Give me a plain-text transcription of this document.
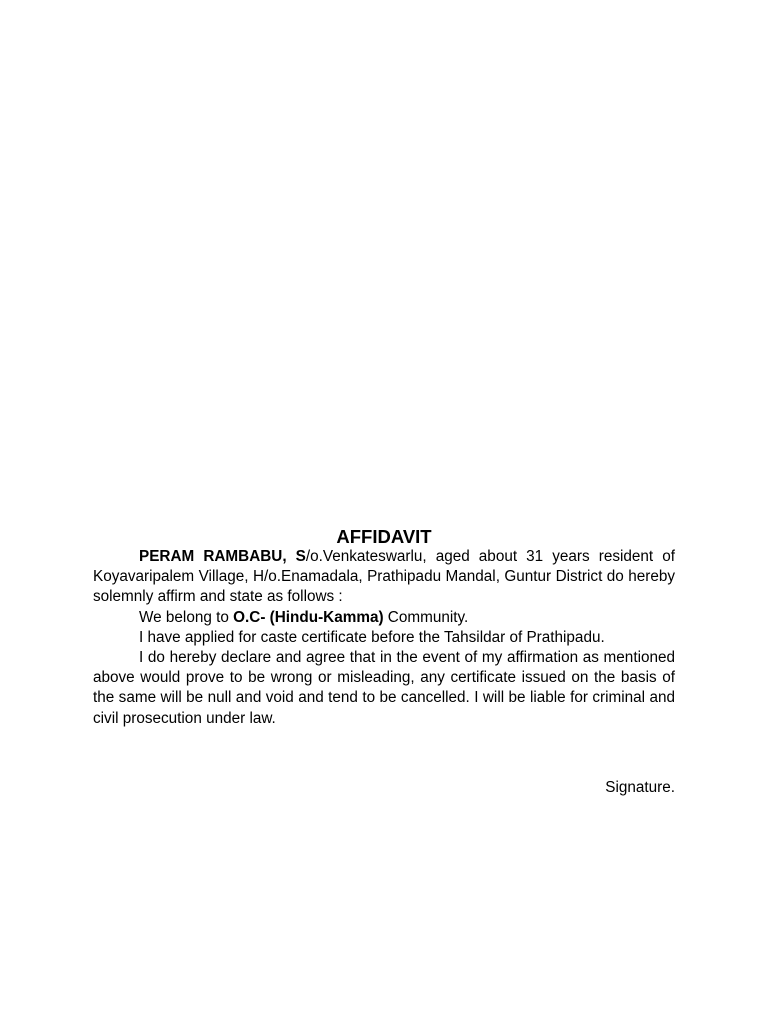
AFFIDAVIT

PERAM RAMBABU, S/o.Venkateswarlu, aged about 31 years resident of Koyavaripalem Village, H/o.Enamadala, Prathipadu Mandal, Guntur District do hereby solemnly affirm and state as follows :

We belong to O.C- (Hindu-Kamma) Community.

I have applied for caste certificate before the Tahsildar of Prathipadu.

I do hereby declare and agree that in the event of my affirmation as mentioned above would prove to be wrong or misleading, any certificate issued on the basis of the same will be null and void and tend to be cancelled. I will be liable for criminal and civil prosecution under law.

Signature.
